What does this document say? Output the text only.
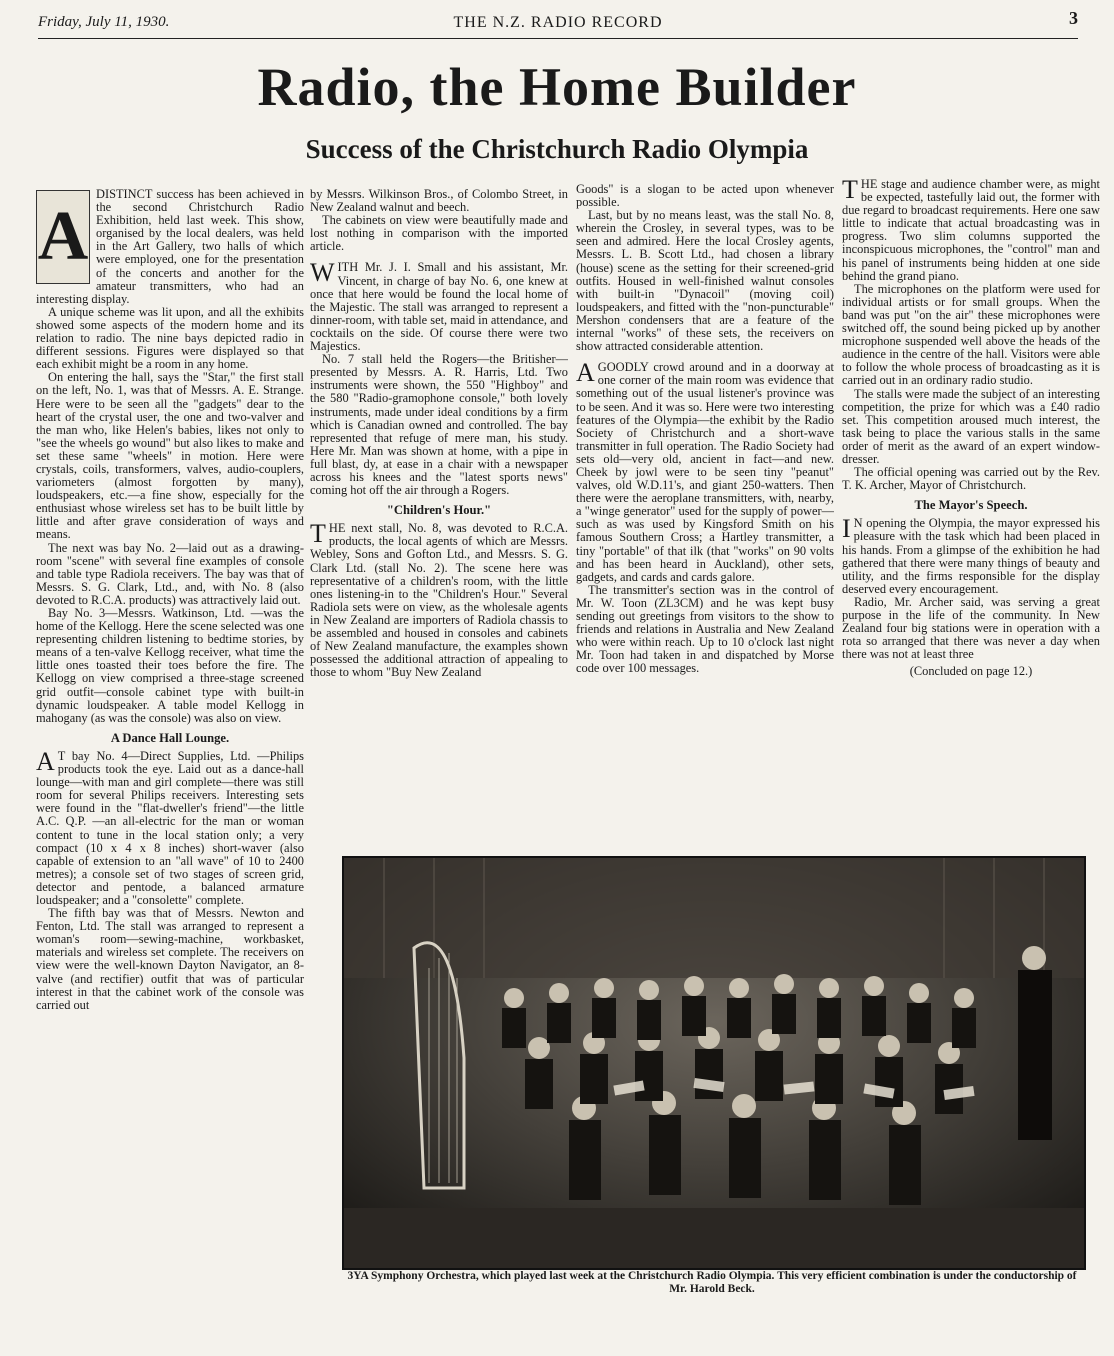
Friday, July 11, 1930.	THE N.Z. RADIO RECORD	3
Radio, the Home Builder
Success of the Christchurch Radio Olympia
A

DISTINCT success has been achieved in the second Christchurch Radio Exhibition, held last week. This show, organised by the local dealers, was held in the Art Gallery, two halls of which were employed, one for the presentation of the concerts and another for the amateur transmitters, who had an interesting display.

A unique scheme was lit upon, and all the exhibits showed some aspects of the modern home and its relation to radio. The nine bays depicted radio in different sessions. Figures were displayed so that each exhibit might be a room in any home.

On entering the hall, says the "Star," the first stall on the left, No. 1, was that of Messrs. A. E. Strange. Here were to be seen all the "gadgets" dear to the heart of the crystal user, the one and two-valver and the man who, like Helen's babies, likes not only to "see the wheels go wound" but also likes to make and set these same "wheels" in motion. Here were crystals, coils, transformers, valves, audio-couplers, variometers (almost forgotten by many), loudspeakers, etc.—a fine show, especially for the enthusiast whose wireless set has to be built little by little and after grave consideration of ways and means.

The next was bay No. 2—laid out as a drawing-room "scene" with several fine examples of console and table type Radiola receivers. The bay was that of Messrs. S. G. Clark, Ltd., and, with No. 8 (also devoted to R.C.A. products) was attractively laid out.

Bay No. 3—Messrs. Watkinson, Ltd. —was the home of the Kellogg. Here the scene selected was one representing children listening to bedtime stories, by means of a ten-valve Kellogg receiver, what time the little ones toasted their toes before the fire. The Kellogg on view comprised a three-stage screened grid outfit—console cabinet type with built-in dynamic loudspeaker. A table model Kellogg in mahogany (as was the console) was also on view.

A Dance Hall Lounge.

A T bay No. 4—Direct Supplies, Ltd. —Philips products took the eye. Laid out as a dance-hall lounge—with man and girl complete—there was still room for several Philips receivers. Interesting sets were found in the "flat-dweller's friend"—the little A.C. Q.P. —an all-electric for the man or woman content to tune in the local station only; a very compact (10 x 4 x 8 inches) short-waver (also capable of extension to an "all wave" of 10 to 2400 metres); a console set of two stages of screen grid, detector and pentode, a balanced armature loudspeaker; and a "consolette" complete.

The fifth bay was that of Messrs. Newton and Fenton, Ltd. The stall was arranged to represent a woman's room—sewing-machine, workbasket, materials and wireless set complete. The receivers on view were the well-known Dayton Navigator, an 8-valve (and rectifier) outfit that was of particular interest in that the cabinet work of the console was carried out

by Messrs. Wilkinson Bros., of Colombo Street, in New Zealand walnut and beech.

The cabinets on view were beautifully made and lost nothing in comparison with the imported article.

WITH Mr. J. I. Small and his assistant, Mr. Vincent, in charge of bay No. 6, one knew at once that here would be found the local home of the Majestic. The stall was arranged to represent a dinner-room, with table set, maid in attendance, and cocktails on the side. Of course there were two Majestics.

No. 7 stall held the Rogers—the Britisher—presented by Messrs. A. R. Harris, Ltd. Two instruments were shown, the 550 "Highboy" and the 580 "Radio-gramophone console," both lovely instruments, made under ideal conditions by a firm which is Canadian owned and controlled. The bay represented that refuge of mere man, his study. Here Mr. Man was shown at home, with a pipe in full blast, dy, at ease in a chair with a newspaper across his knees and the "latest sports news" coming hot off the air through a Rogers.

"Children's Hour."

THE next stall, No. 8, was devoted to R.C.A. products, the local agents of which are Messrs. Webley, Sons and Gofton Ltd., and Messrs. S. G. Clark Ltd. (stall No. 2). The scene here was representative of a children's room, with the little ones listening-in to the "Children's Hour." Several Radiola sets were on view, as the wholesale agents in New Zealand are importers of Radiola chassis to be assembled and housed in consoles and cabinets of New Zealand manufacture, the examples shown possessed the additional attraction of appealing to those to whom "Buy New Zealand

Goods" is a slogan to be acted upon whenever possible.

Last, but by no means least, was the stall No. 8, wherein the Crosley, in several types, was to be seen and admired. Here the local Crosley agents, Messrs. L. B. Scott Ltd., had chosen a library (house) scene as the setting for their screened-grid outfits. Housed in well-finished walnut consoles with built-in "Dynacoil" (moving coil) loudspeakers, and fitted with the "non-puncturable" Mershon condensers that are a feature of the internal "works" of these sets, the receivers on show attracted considerable attention.

AGOODLY crowd around and in a doorway at one corner of the main room was evidence that something out of the usual listener's province was to be seen. And it was so. Here were two interesting features of the Olympia—the exhibit by the Radio Society of Christchurch and a short-wave transmitter in full operation. The Radio Society had sets old—very old, ancient in fact—and new. Cheek by jowl were to be seen tiny "peanut" valves, old W.D.11's, and giant 250-watters. Then there were the aeroplane transmitters, with, nearby, a "winge generator" used for the supply of power—such as was used by Kingsford Smith on his famous Southern Cross; a Hartley transmitter, a tiny "portable" of that ilk (that "works" on 90 volts and has been heard in Auckland), other sets, gadgets, and cards and cards galore.

The transmitter's section was in the control of Mr. W. Toon (ZL3CM) and he was kept busy sending out greetings from visitors to the show to friends and relations in Australia and New Zealand who were within reach. Up to 10 o'clock last night Mr. Toon had taken in and dispatched by Morse code over 100 messages.

THE stage and audience chamber were, as might be expected, tastefully laid out, the former with due regard to broadcast requirements. Here one saw little to indicate that actual broadcasting was in progress. Two slim columns supported the inconspicuous microphones, the "control" man and his panel of instruments being hidden at one side behind the grand piano.

The microphones on the platform were used for individual artists or for small groups. When the band was put "on the air" these microphones were switched off, the sound being picked up by another microphone suspended well above the heads of the audience in the centre of the hall. Visitors were able to follow the whole process of broadcasting as it is carried out in an ordinary radio studio.

The stalls were made the subject of an interesting competition, the prize for which was a £40 radio set. This competition aroused much interest, the task being to place the various stalls in the same order of merit as the award of an expert window-dresser.

The official opening was carried out by the Rev. T. K. Archer, Mayor of Christchurch.

The Mayor's Speech.

I N opening the Olympia, the mayor expressed his pleasure with the task which had been placed in his hands. From a glimpse of the exhibition he had gathered that there were many things of beauty and utility, and the firms responsible for the display deserved every encouragement.

Radio, Mr. Archer said, was serving a great purpose in the life of the community. In New Zealand four big stations were in operation with a rota so arranged that there was never a day when there was not at least three

(Concluded on page 12.)

3YA Symphony Orchestra, which played last week at the Christchurch Radio Olympia. This very efficient combination is under the conductorship of Mr. Harold Beck.
